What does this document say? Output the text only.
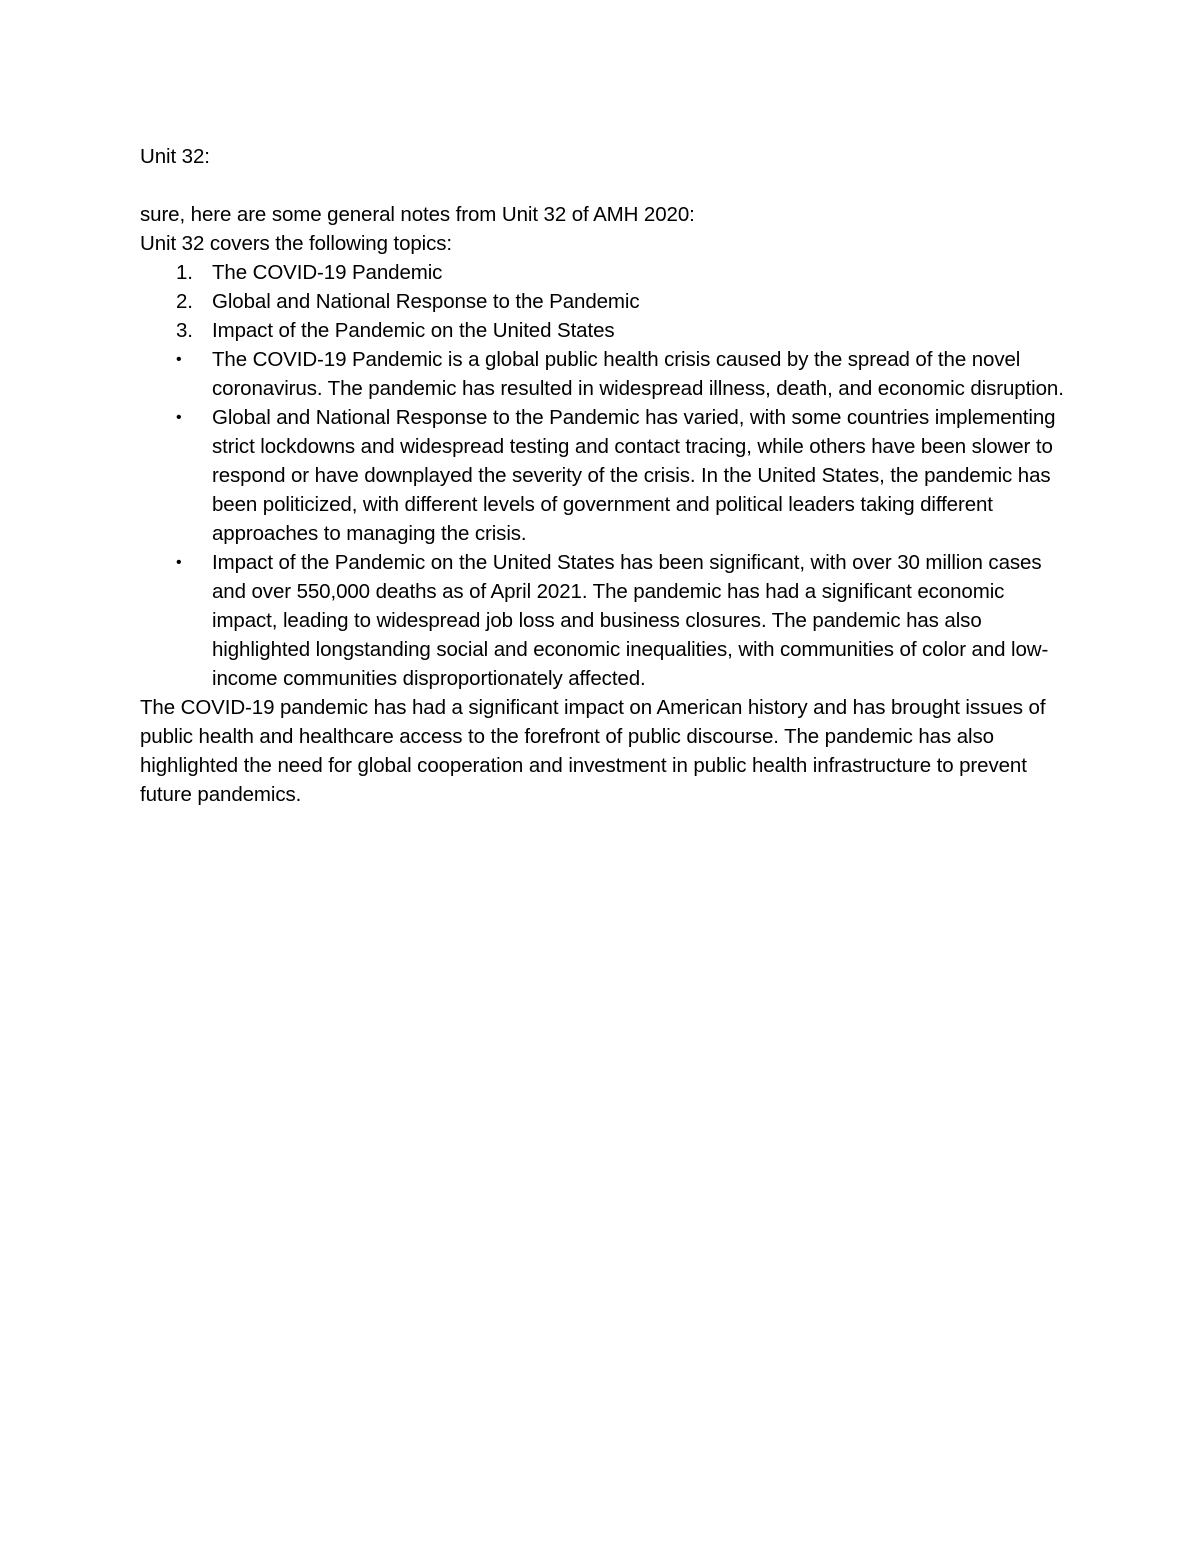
Unit 32:

sure, here are some general notes from Unit 32 of AMH 2020:

Unit 32 covers the following topics:

1. The COVID-19 Pandemic
2. Global and National Response to the Pandemic
3. Impact of the Pandemic on the United States
• The COVID-19 Pandemic is a global public health crisis caused by the spread of the novel coronavirus. The pandemic has resulted in widespread illness, death, and economic disruption.
• Global and National Response to the Pandemic has varied, with some countries implementing strict lockdowns and widespread testing and contact tracing, while others have been slower to respond or have downplayed the severity of the crisis. In the United States, the pandemic has been politicized, with different levels of government and political leaders taking different approaches to managing the crisis.
• Impact of the Pandemic on the United States has been significant, with over 30 million cases and over 550,000 deaths as of April 2021. The pandemic has had a significant economic impact, leading to widespread job loss and business closures. The pandemic has also highlighted longstanding social and economic inequalities, with communities of color and low-income communities disproportionately affected.

The COVID-19 pandemic has had a significant impact on American history and has brought issues of public health and healthcare access to the forefront of public discourse. The pandemic has also highlighted the need for global cooperation and investment in public health infrastructure to prevent future pandemics.
